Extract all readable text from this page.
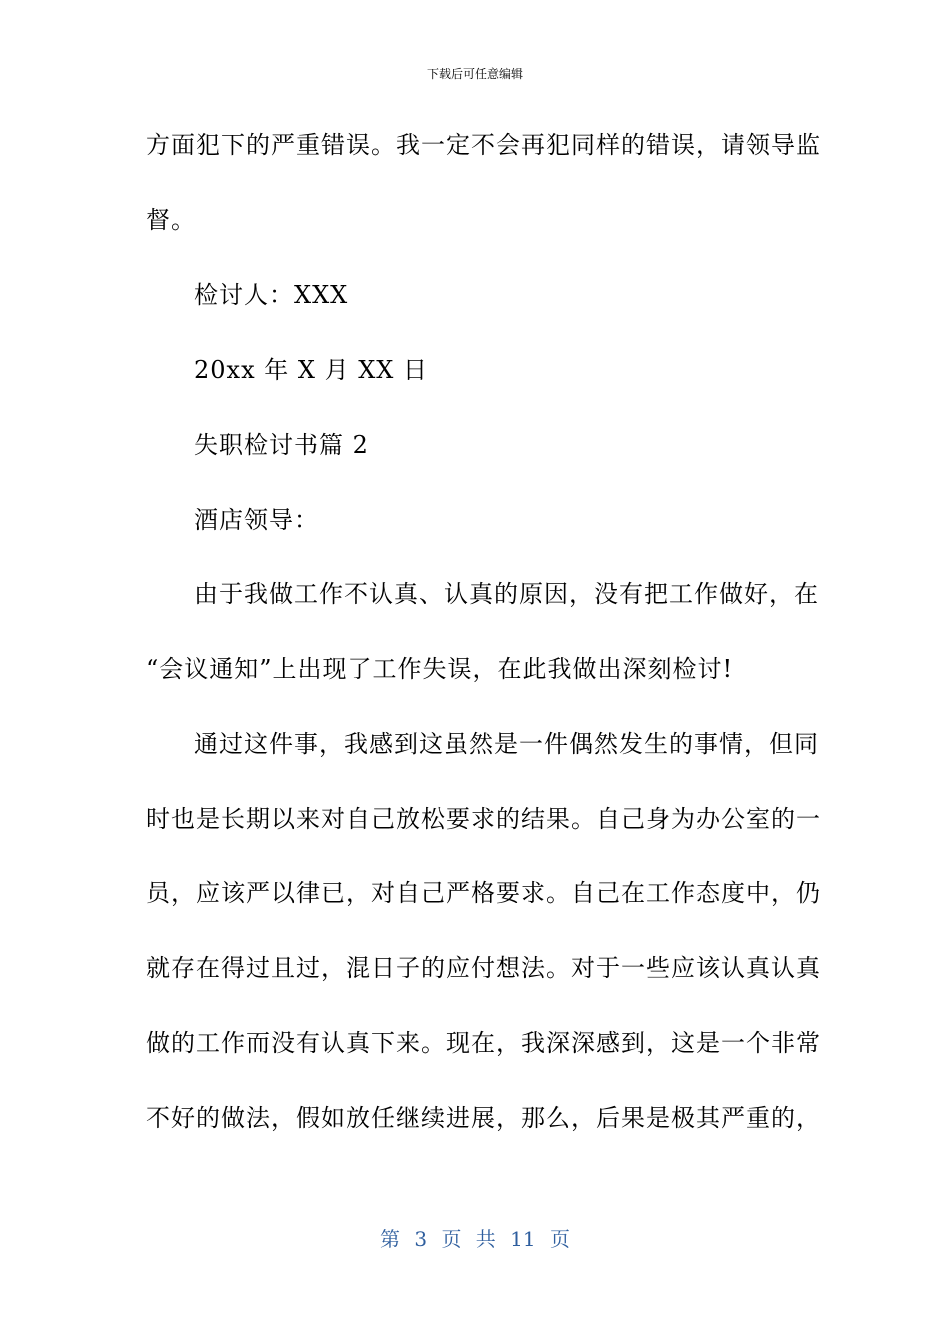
下载后可任意编辑
方面犯下的严重错误。我一定不会再犯同样的错误，请领导监
督。
检讨人：XXX
20xx 年 X 月 XX 日
失职检讨书篇 2
酒店领导：
由于我做工作不认真、认真的原因，没有把工作做好，在
“会议通知”上出现了工作失误，在此我做出深刻检讨!
通过这件事，我感到这虽然是一件偶然发生的事情，但同
时也是长期以来对自己放松要求的结果。自己身为办公室的一
员，应该严以律已，对自己严格要求。自己在工作态度中，仍
就存在得过且过，混日子的应付想法。对于一些应该认真认真
做的工作而没有认真下来。现在，我深深感到，这是一个非常
不好的做法，假如放任继续进展，那么，后果是极其严重的，
第 3 页 共 11 页
